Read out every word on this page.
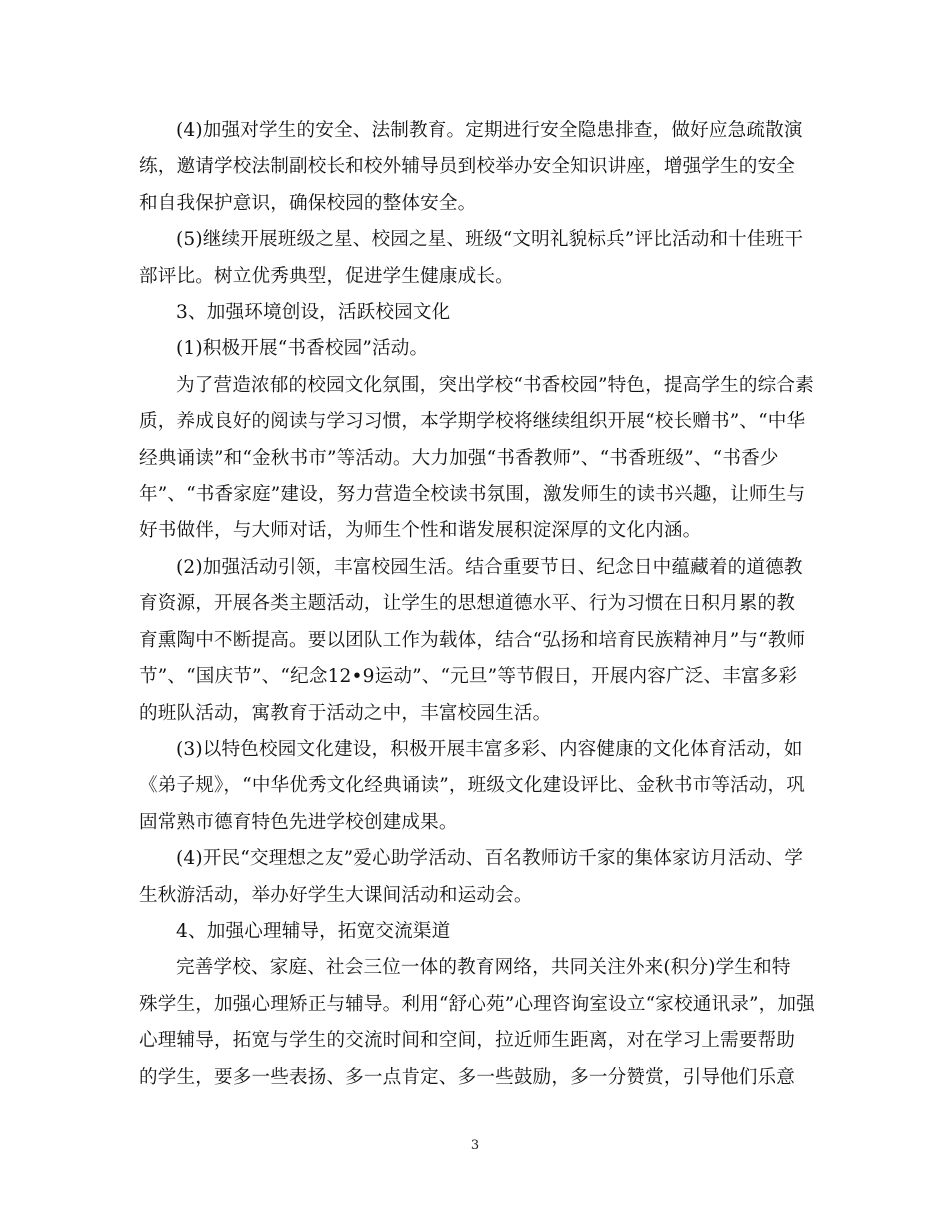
(4)加强对学生的安全、法制教育。定期进行安全隐患排查，做好应急疏散演
练，邀请学校法制副校长和校外辅导员到校举办安全知识讲座，增强学生的安全
和自我保护意识，确保校园的整体安全。

(5)继续开展班级之星、校园之星、班级“文明礼貌标兵”评比活动和十佳班干
部评比。树立优秀典型，促进学生健康成长。

3、加强环境创设，活跃校园文化

(1)积极开展“书香校园”活动。

为了营造浓郁的校园文化氛围，突出学校“书香校园”特色，提高学生的综合素
质，养成良好的阅读与学习习惯，本学期学校将继续组织开展“校长赠书”、“中华
经典诵读”和“金秋书市”等活动。大力加强“书香教师”、“书香班级”、“书香少
年”、“书香家庭”建设，努力营造全校读书氛围，激发师生的读书兴趣，让师生与
好书做伴，与大师对话，为师生个性和谐发展积淀深厚的文化内涵。

(2)加强活动引领，丰富校园生活。结合重要节日、纪念日中蕴藏着的道德教
育资源，开展各类主题活动，让学生的思想道德水平、行为习惯在日积月累的教
育熏陶中不断提高。要以团队工作为载体，结合“弘扬和培育民族精神月”与“教师
节”、“国庆节”、“纪念12•9运动”、“元旦”等节假日，开展内容广泛、丰富多彩
的班队活动，寓教育于活动之中，丰富校园生活。

(3)以特色校园文化建设，积极开展丰富多彩、内容健康的文化体育活动，如
《弟子规》，“中华优秀文化经典诵读”，班级文化建设评比、金秋书市等活动，巩
固常熟市德育特色先进学校创建成果。

(4)开民“交理想之友”爱心助学活动、百名教师访千家的集体家访月活动、学
生秋游活动，举办好学生大课间活动和运动会。

4、加强心理辅导，拓宽交流渠道

完善学校、家庭、社会三位一体的教育网络，共同关注外来(积分)学生和特
殊学生，加强心理矫正与辅导。利用“舒心苑”心理咨询室设立“家校通讯录”，加强
心理辅导，拓宽与学生的交流时间和空间，拉近师生距离，对在学习上需要帮助
的学生，要多一些表扬、多一点肯定、多一些鼓励，多一分赞赏，引导他们乐意

3
